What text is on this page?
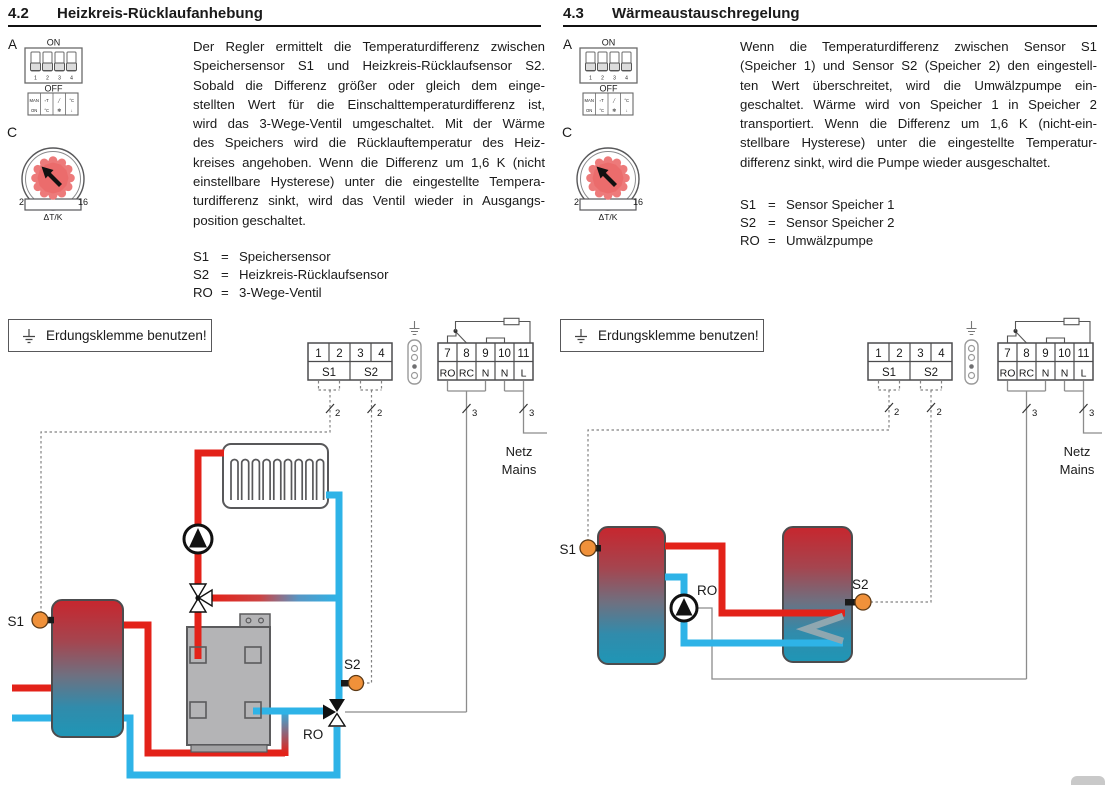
4.2 Heizkreis-Rücklaufanhebung
Der Regler ermittelt die Temperaturdifferenz zwischen
Speichersensor S1 und Heizkreis-Rücklaufsensor S2.
Sobald die Differenz größer oder gleich dem einge-
stellten Wert für die Einschalttemperaturdifferenz ist,
wird das 3-Wege-Ventil umgeschaltet. Mit der Wärme
des Speichers wird die Rücklauftemperatur des Heiz-
kreises angehoben. Wenn die Differenz um 1,6 K (nicht
einstellbare Hysterese) unter die eingestellte Tempera-
turdifferenz sinkt, wird das Ventil wieder in Ausgangs-
position geschaltet.
S1 = Speichersensor
S2 = Heizkreis-Rücklaufsensor
RO = 3-Wege-Ventil
4.3 Wärmeaustauschregelung
Wenn die Temperaturdifferenz zwischen Sensor S1
(Speicher 1) und Sensor S2 (Speicher 2) den eingestell-
ten Wert überschreitet, wird die Umwälzpumpe ein-
geschaltet. Wärme wird von Speicher 1 in Speicher 2
transportiert. Wenn die Differenz um 1,6 K (nicht-ein-
stellbare Hysterese) unter die eingestellte Temperatur-
differenz sinkt, wird die Pumpe wieder ausgeschaltet.
S1 = Sensor Speicher 1
S2 = Sensor Speicher 2
RO = Umwälzpumpe
A	ON
1 2 3 4
OFF
MAN ▫T ╱ °C
ON °C ❄ ↓
A	ON
1 2 3 4
OFF
MAN ▫T ╱ °C
ON °C ❄ ↓
C
2	16
ΔT/K
C
2	16
ΔT/K
2	2	3	3
Netz
Mains
1 2 3 4
S1 S2
7 8 9 10 11
RO RC N N L
S1
S2
RO
2	2	3	3
Netz
Mains
1 2 3 4
S1 S2
7 8 9 10 11
RO RC N N L
RO
S1
S2
Erdungsklemme benutzen!	Erdungsklemme benutzen!
